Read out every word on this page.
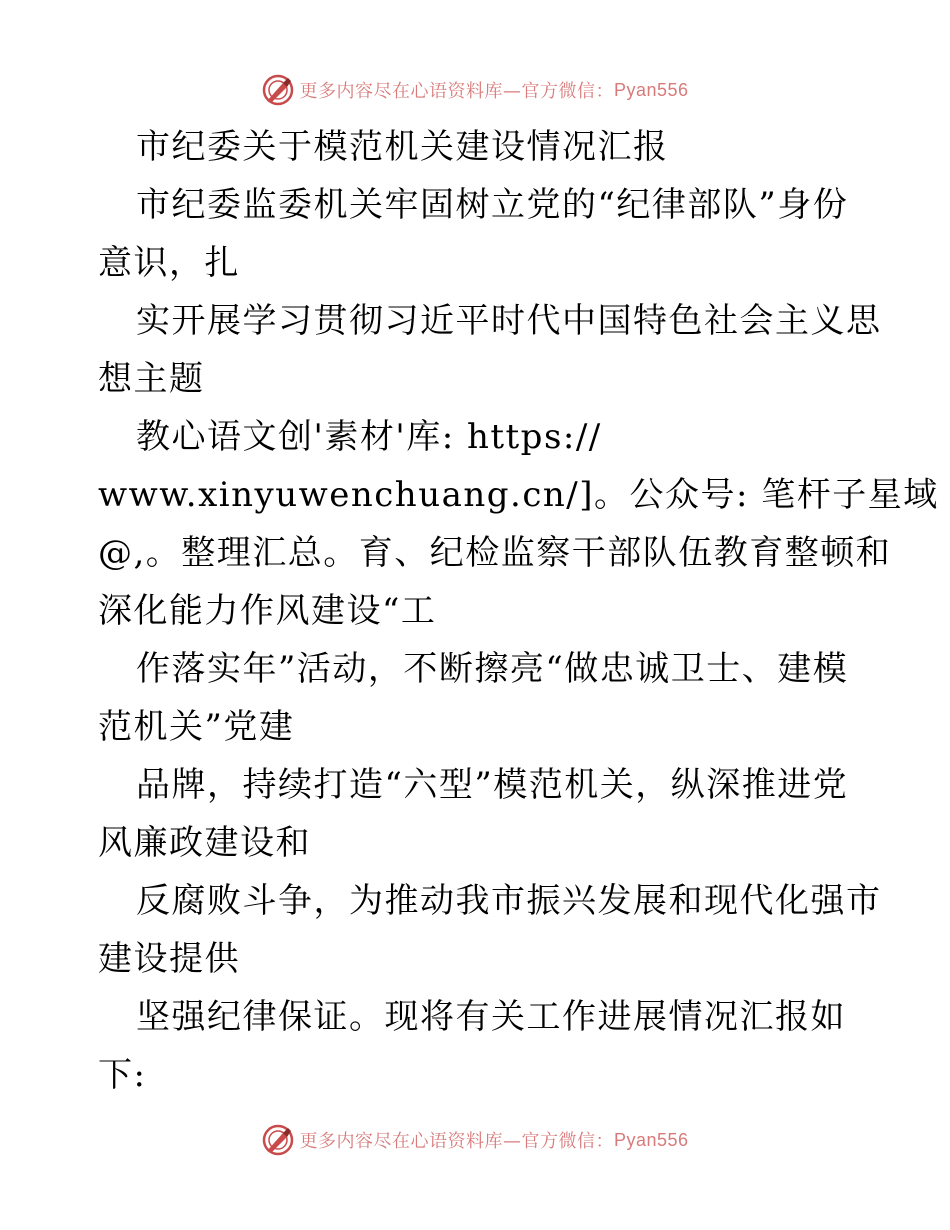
更多内容尽在心语资料库—官方微信： Pyan556
市纪委关于模范机关建设情况汇报
市纪委监委机关牢固树立党的“纪律部队”身份
意识，扎
实开展学习贯彻习近平时代中国特色社会主义思
想主题
教心语文创'素材'库: https://
www.xinyuwenchuang.cn/]。公众号: 笔杆子星域
@,。整理汇总。育、纪检监察干部队伍教育整顿和
深化能力作风建设“工
作落实年”活动，不断擦亮“做忠诚卫士、建模
范机关”党建
品牌，持续打造“六型”模范机关，纵深推进党
风廉政建设和
反腐败斗争，为推动我市振兴发展和现代化强市
建设提供
坚强纪律保证。现将有关工作进展情况汇报如
下:
更多内容尽在心语资料库—官方微信： Pyan556
